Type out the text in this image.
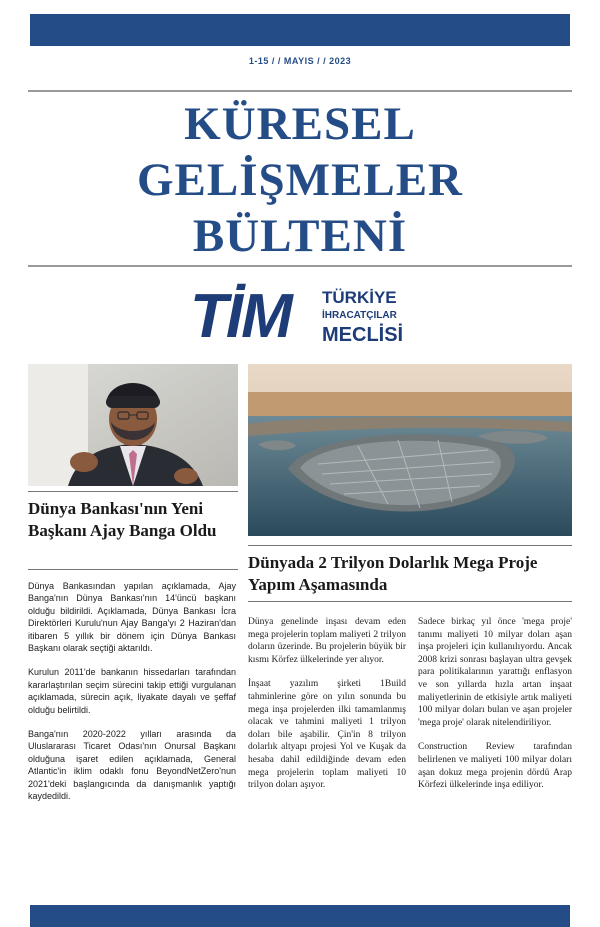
1-15 / / MAYIS / / 2023
KÜRESEL
GELİŞMELER
BÜLTENİ
TİM TÜRKİYE
İHRACATÇILAR
MECLİSİ
Dünya Bankası'nın Yeni Başkanı Ajay Banga Oldu
Dünyada 2 Trilyon Dolarlık Mega Proje Yapım Aşamasında

Dünya Bankasından yapılan açıklamada, Ajay Banga'nın Dünya Bankası'nın 14'üncü başkanı olduğu bildirildi. Açıklamada, Dünya Bankası İcra Direktörleri Kurulu'nun Ajay Banga'yı 2 Haziran'dan itibaren 5 yıllık bir dönem için Dünya Bankası Başkanı olarak seçtiği aktarıldı.

Kurulun 2011'de bankanın hissedarları tarafından kararlaştırılan seçim sürecini takip ettiği vurgulanan açıklamada, sürecin açık, liyakate dayalı ve şeffaf olduğu belirtildi.

Banga'nın 2020-2022 yılları arasında da Uluslararası Ticaret Odası'nın Onursal Başkanı olduğuna işaret edilen açıklamada, General Atlantic'in iklim odaklı fonu BeyondNetZero'nun 2021'deki başlangıcında da danışmanlık yaptığı kaydedildi.

Dünya genelinde inşası devam eden mega projelerin toplam maliyeti 2 trilyon doların üzerinde. Bu projelerin büyük bir kısmı Körfez ülkelerinde yer alıyor.

İnşaat yazılım şirketi 1Build tahminlerine göre on yılın sonunda bu mega inşa projelerden ilki tamamlanmış olacak ve tahmini maliyeti 1 trilyon doları bile aşabilir. Çin'in 8 trilyon dolarlık altyapı projesi Yol ve Kuşak da hesaba dahil edildiğinde devam eden mega projelerin toplam maliyeti 10 trilyon doları aşıyor.

Sadece birkaç yıl önce 'mega proje' tanımı maliyeti 10 milyar doları aşan inşa projeleri için kullanılıyordu. Ancak 2008 krizi sonrası başlayan ultra gevşek para politikalarının yarattığı enflasyon ve son yıllarda hızla artan inşaat maliyetlerinin de etkisiyle artık maliyeti 100 milyar doları bulan ve aşan projeler 'mega proje' olarak nitelendiriliyor.

Construction Review tarafından belirlenen ve maliyeti 100 milyar doları aşan dokuz mega projenin dördü Arap Körfezi ülkelerinde inşa ediliyor.
